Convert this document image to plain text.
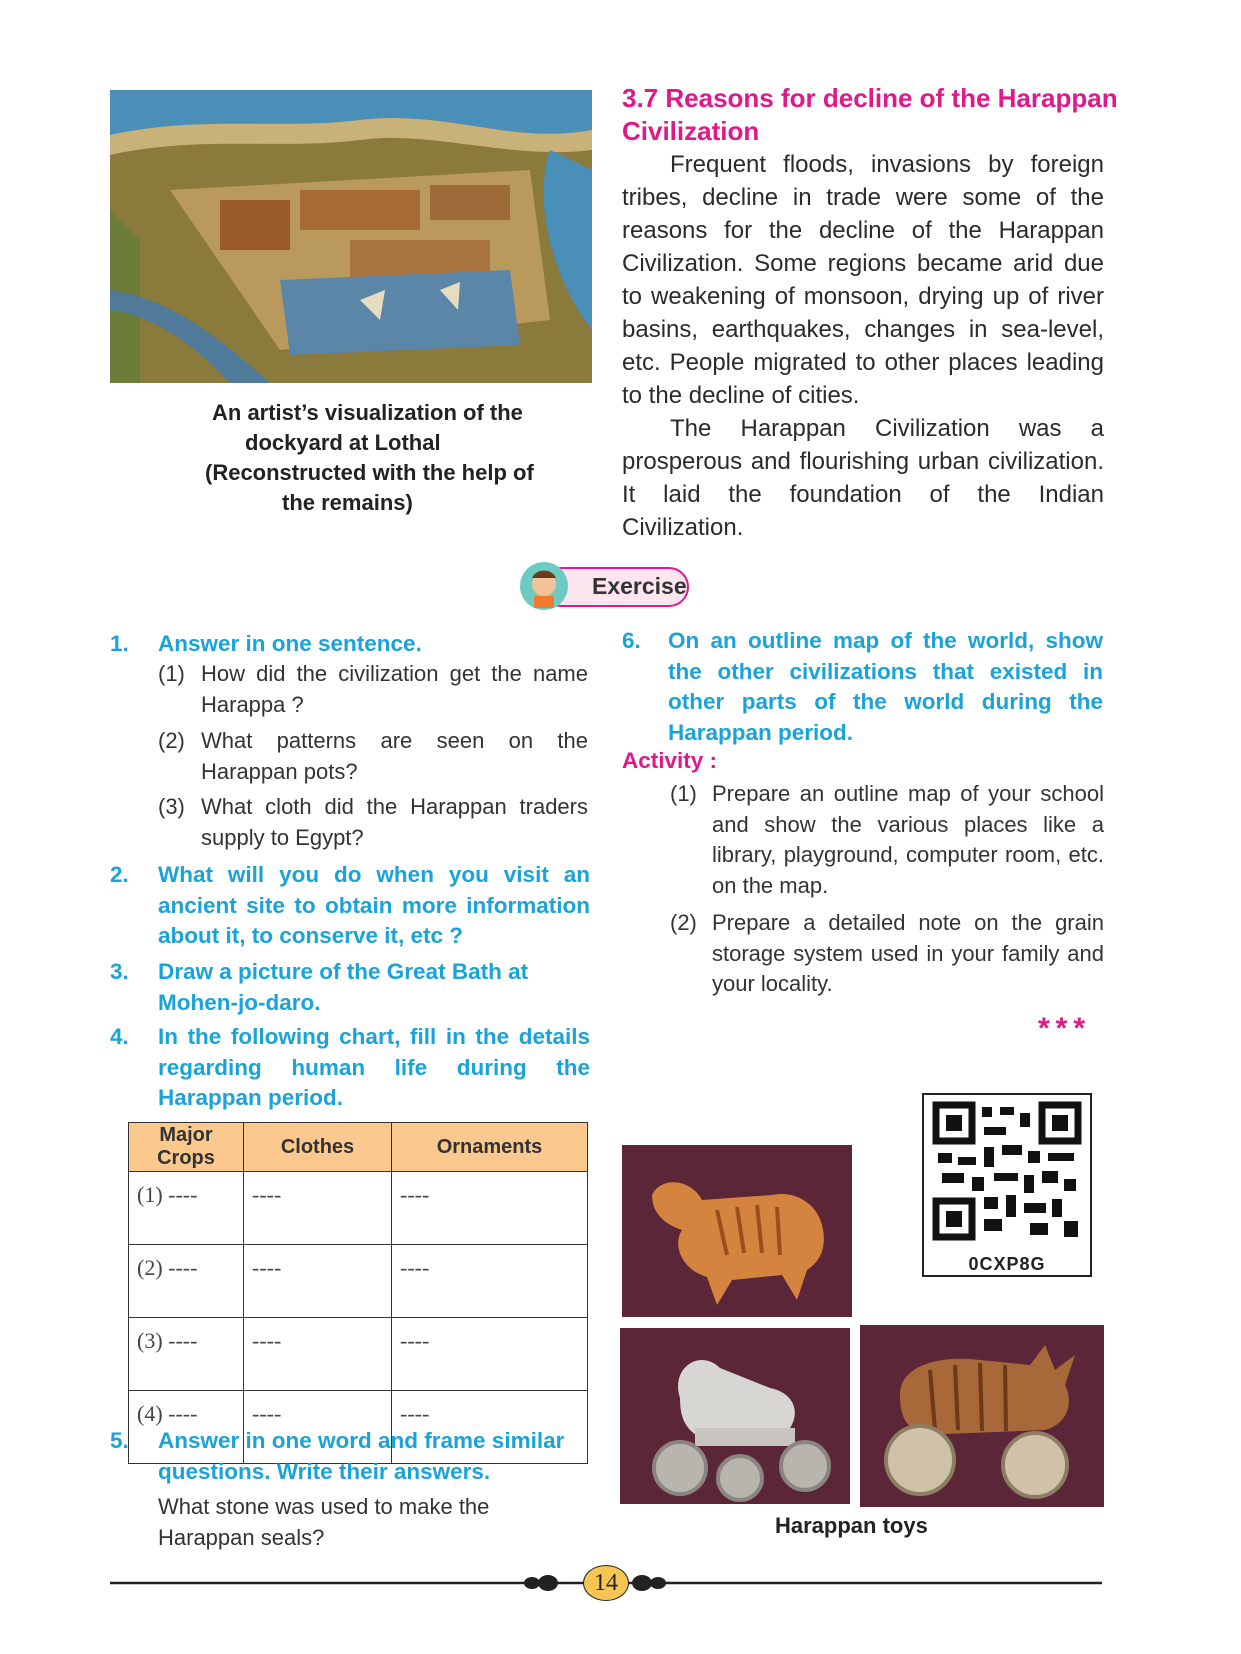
An artist’s visualization of the
dockyard at Lothal
(Reconstructed with the help of
the remains)
3.7 Reasons for decline of the Harappan
Civilization
Frequent floods, invasions by foreign tribes, decline in trade were some of the reasons for the decline of the Harappan Civilization. Some regions became arid due to weakening of monsoon, drying up of river basins, earthquakes, changes in sea-level, etc. People migrated to other places leading to the decline of cities.
The Harappan Civilization was a prosperous and flourishing urban civilization. It laid the foundation of the Indian Civilization.
Exercise
1. Answer in one sentence.
(1) How did the civilization get the name Harappa ?
(2) What patterns are seen on the Harappan pots?
(3) What cloth did the Harappan traders supply to Egypt?
2. What will you do when you visit an ancient site to obtain more information about it, to conserve it, etc ?
3. Draw a picture of the Great Bath at Mohen-jo-daro.
4. In the following chart, fill in the details regarding human life during the Harappan period.
Major Crops	Clothes	Ornaments
(1) ----	----	----
(2) ----	----	----
(3) ----	----	----
(4) ----	----	----
5. Answer in one word and frame similar questions. Write their answers.
What stone was used to make the Harappan seals?
6. On an outline map of the world, show the other civilizations that existed in other parts of the world during the Harappan period.
Activity :
(1) Prepare an outline map of your school and show the various places like a library, playground, computer room, etc. on the map.
(2) Prepare a detailed note on the grain storage system used in your family and your locality.
***
0CXP8G
Harappan toys
14
